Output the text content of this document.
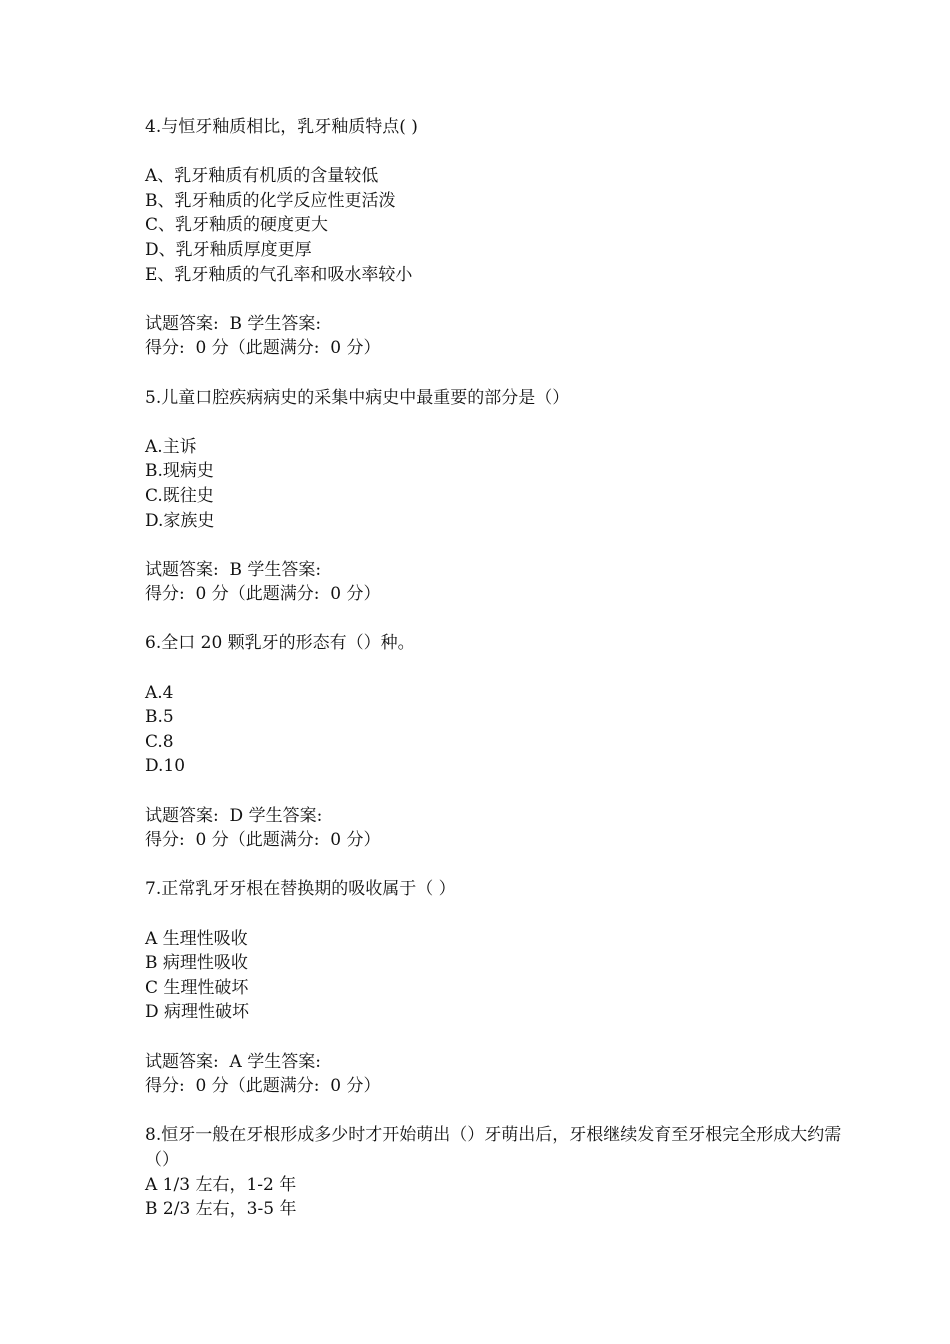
4.与恒牙釉质相比，乳牙釉质特点( )

A、乳牙釉质有机质的含量较低

B、乳牙釉质的化学反应性更活泼

C、乳牙釉质的硬度更大

D、乳牙釉质厚度更厚

E、乳牙釉质的气孔率和吸水率较小

试题答案:  B 学生答案:

得分:  0 分（此题满分:  0 分）

5.儿童口腔疾病病史的采集中病史中最重要的部分是（）

A.主诉

B.现病史

C.既往史

D.家族史

试题答案:  B 学生答案:

得分:  0 分（此题满分:  0 分）

6.全口 20 颗乳牙的形态有（）种。

A.4

B.5

C.8

D.10

试题答案:  D 学生答案:

得分:  0 分（此题满分:  0 分）

7.正常乳牙牙根在替换期的吸收属于（ ）

A 生理性吸收

B 病理性吸收

C 生理性破坏

D 病理性破坏

试题答案:  A 学生答案:

得分:  0 分（此题满分:  0 分）

8.恒牙一般在牙根形成多少时才开始萌出（）牙萌出后，牙根继续发育至牙根完全形成大约需（）

A 1/3 左右，1-2 年

B 2/3 左右，3-5 年
